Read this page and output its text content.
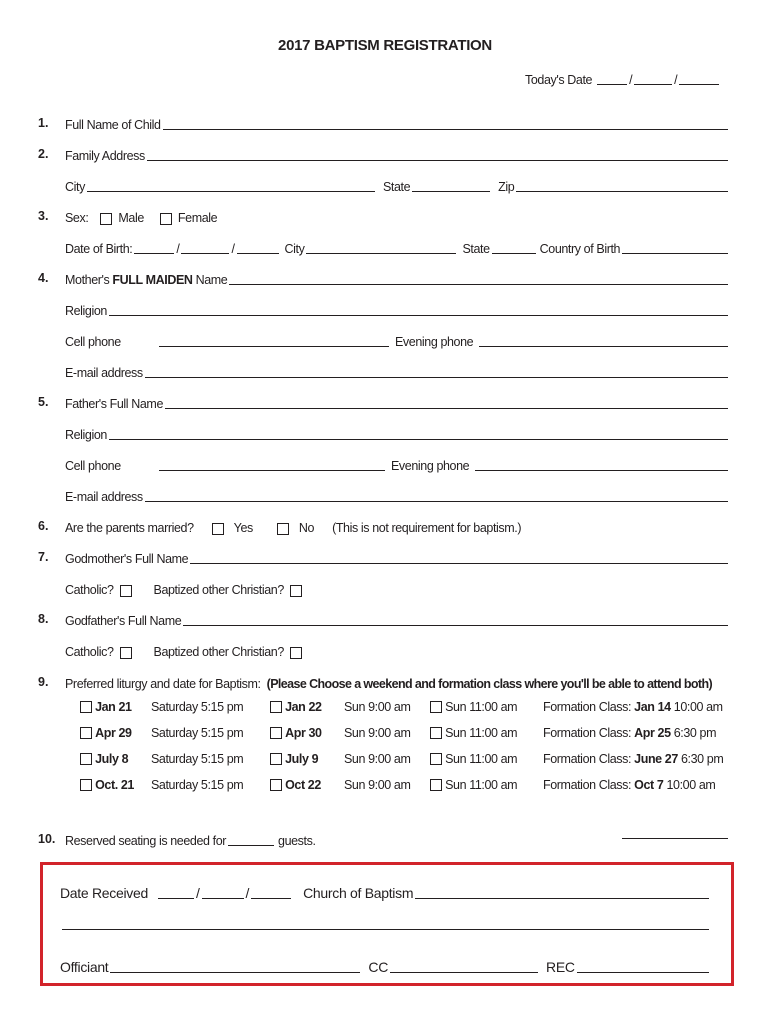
2017 BAPTISM REGISTRATION
Today's Date	/	/
1. Full Name of Child
2. Family Address
City	State	Zip
3. Sex: Male	Female
Date of Birth:	/	/	City	State	Country of Birth
4. Mother's FULL MAIDEN Name
Religion
Cell phone	Evening phone
E-mail address
5. Father's Full Name
Religion
Cell phone	Evening phone
E-mail address
6. Are the parents married?	Yes	No (This is not requirement for baptism.)
7. Godmother's Full Name
Catholic?	Baptized other Christian?
8. Godfather's Full Name
Catholic?	Baptized other Christian?
9. Preferred liturgy and date for Baptism: (Please Choose a weekend and formation class where you'll be able to attend both)
Jan 21 Saturday 5:15 pm	Jan 22 Sun 9:00 am	Sun 11:00 am Formation Class: Jan 14 10:00 am
Apr 29 Saturday 5:15 pm	Apr 30 Sun 9:00 am	Sun 11:00 am Formation Class: Apr 25 6:30 pm
July 8 Saturday 5:15 pm	July 9 Sun 9:00 am	Sun 11:00 am Formation Class: June 27 6:30 pm
Oct. 21 Saturday 5:15 pm	Oct 22 Sun 9:00 am	Sun 11:00 am Formation Class: Oct 7 10:00 am
10. Reserved seating is needed for	guests.
Date Received	/	/	Church of Baptism
Officiant	CC	REC
